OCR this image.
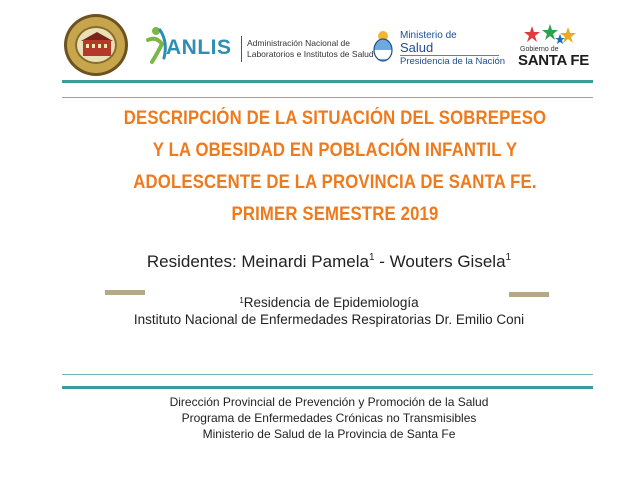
ANLIS Administración Nacional de
Laboratorios e Institutos de Salud
Ministerio de
Salud
Presidencia de la Nación
Gobierno de
SANTA FE
DESCRIPCIÓN DE LA SITUACIÓN DEL SOBREPESO
Y LA OBESIDAD EN POBLACIÓN INFANTIL Y
ADOLESCENTE DE LA PROVINCIA DE SANTA FE.
PRIMER SEMESTRE 2019
Residentes: Meinardi Pamela$^1$ - Wouters Gisela$^1$
$^1$Residencia de Epidemiología
Instituto Nacional de Enfermedades Respiratorias Dr. Emilio Coni
Dirección Provincial de Prevención y Promoción de la Salud
Programa de Enfermedades Crónicas no Transmisibles
Ministerio de Salud de la Provincia de Santa Fe
